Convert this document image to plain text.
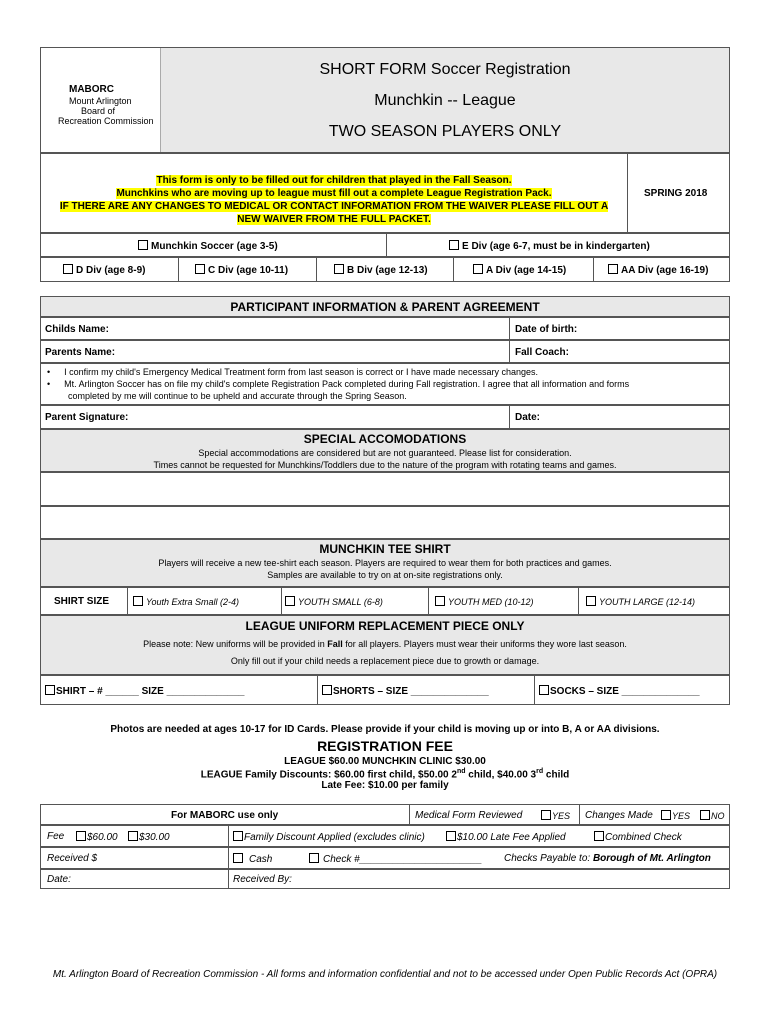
MABORC
Mount Arlington
Board of
Recreation Commission
SHORT FORM Soccer Registration
Munchkin -- League
TWO SEASON PLAYERS ONLY
This form is only to be filled out for children that played in the Fall Season.
Munchkins who are moving up to league must fill out a complete League Registration Pack.
IF THERE ARE ANY CHANGES TO MEDICAL OR CONTACT INFORMATION FROM THE WAIVER PLEASE FILL OUT A
NEW WAIVER FROM THE FULL PACKET.
SPRING 2018
Munchkin Soccer (age 3-5)	E Div (age 6-7, must be in kindergarten)
D Div (age 8-9)	C Div (age 10-11)	B Div (age 12-13)	A Div (age 14-15)	AA Div (age 16-19)
PARTICIPANT INFORMATION & PARENT AGREEMENT
Childs Name:	Date of birth:
Parents Name:	Fall Coach:
• I confirm my child's Emergency Medical Treatment form from last season is correct or I have made necessary changes.
• Mt. Arlington Soccer has on file my child's complete Registration Pack completed during Fall registration. I agree that all information and forms
completed by me will continue to be upheld and accurate through the Spring Season.
Parent Signature:	Date:
SPECIAL ACCOMODATIONS
Special accommodations are considered but are not guaranteed. Please list for consideration.
Times cannot be requested for Munchkins/Toddlers due to the nature of the program with rotating teams and games.
MUNCHKIN TEE SHIRT
Players will receive a new tee-shirt each season. Players are required to wear them for both practices and games.
Samples are available to try on at on-site registrations only.
SHIRT SIZE	Youth Extra Small (2-4)	YOUTH SMALL (6-8)	YOUTH MED (10-12)	YOUTH LARGE (12-14)
LEAGUE UNIFORM REPLACEMENT PIECE ONLY
Please note: New uniforms will be provided in Fall for all players. Players must wear their uniforms they wore last season.
Only fill out if your child needs a replacement piece due to growth or damage.
SHIRT – # ______ SIZE ______________	SHORTS – SIZE ______________	SOCKS – SIZE ______________
Photos are needed at ages 10-17 for ID Cards. Please provide if your child is moving up or into B, A or AA divisions.
REGISTRATION FEE
LEAGUE $60.00 MUNCHKIN CLINIC $30.00
LEAGUE Family Discounts: $60.00 first child, $50.00 2nd child, $40.00 3rd child
Late Fee: $10.00 per family
For MABORC use only	Medical Form Reviewed	YES Changes Made	YES	NO
Fee	$60.00	$30.00	Family Discount Applied (excludes clinic)	$10.00 Late Fee Applied	Combined Check
Received $	Cash	Check #______________________ Checks Payable to: Borough of Mt. Arlington
Date:	Received By:
Mt. Arlington Board of Recreation Commission - All forms and information confidential and not to be accessed under Open Public Records Act (OPRA)
